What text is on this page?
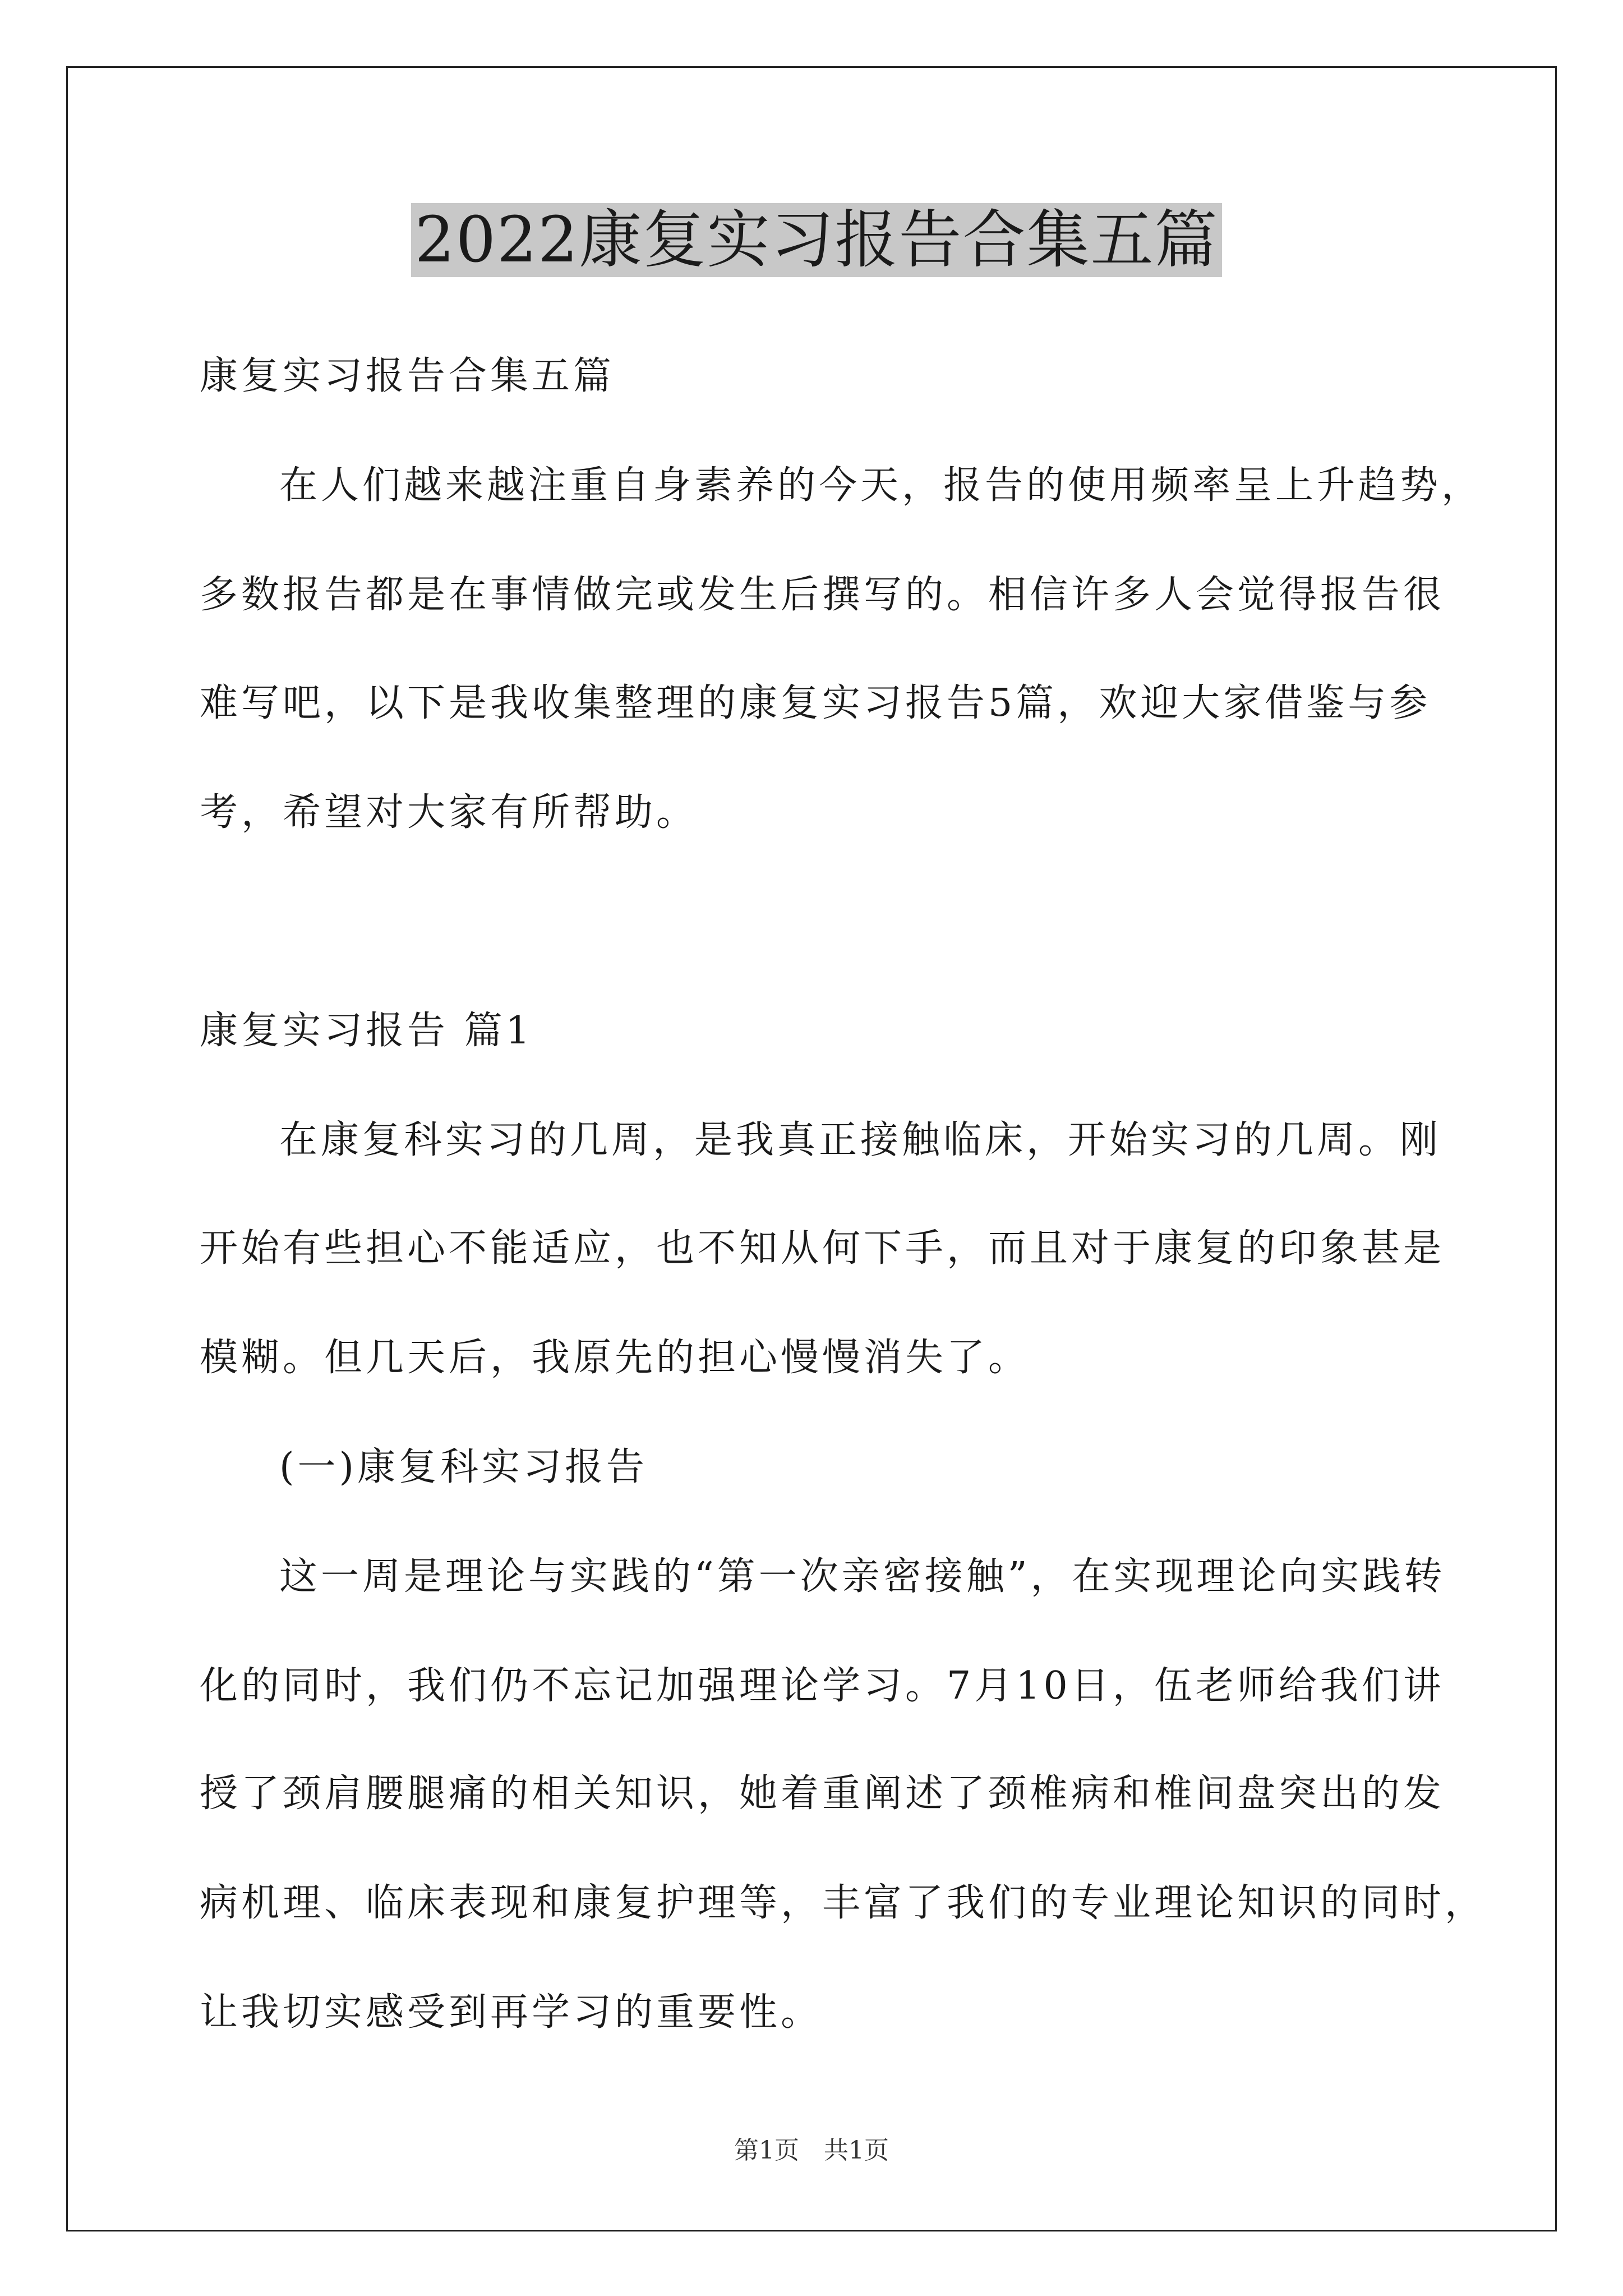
2022康复实习报告合集五篇
康复实习报告合集五篇
在人们越来越注重自身素养的今天，报告的使用频率呈上升趋势，
多数报告都是在事情做完或发生后撰写的。相信许多人会觉得报告很
难写吧，以下是我收集整理的康复实习报告5篇，欢迎大家借鉴与参
考，希望对大家有所帮助。
康复实习报告 篇1
在康复科实习的几周，是我真正接触临床，开始实习的几周。刚
开始有些担心不能适应，也不知从何下手，而且对于康复的印象甚是
模糊。但几天后，我原先的担心慢慢消失了。
(一)康复科实习报告
这一周是理论与实践的“第一次亲密接触”，在实现理论向实践转
化的同时，我们仍不忘记加强理论学习。7月10日，伍老师给我们讲
授了颈肩腰腿痛的相关知识，她着重阐述了颈椎病和椎间盘突出的发
病机理、临床表现和康复护理等，丰富了我们的专业理论知识的同时，
让我切实感受到再学习的重要性。
第1页　共1页
